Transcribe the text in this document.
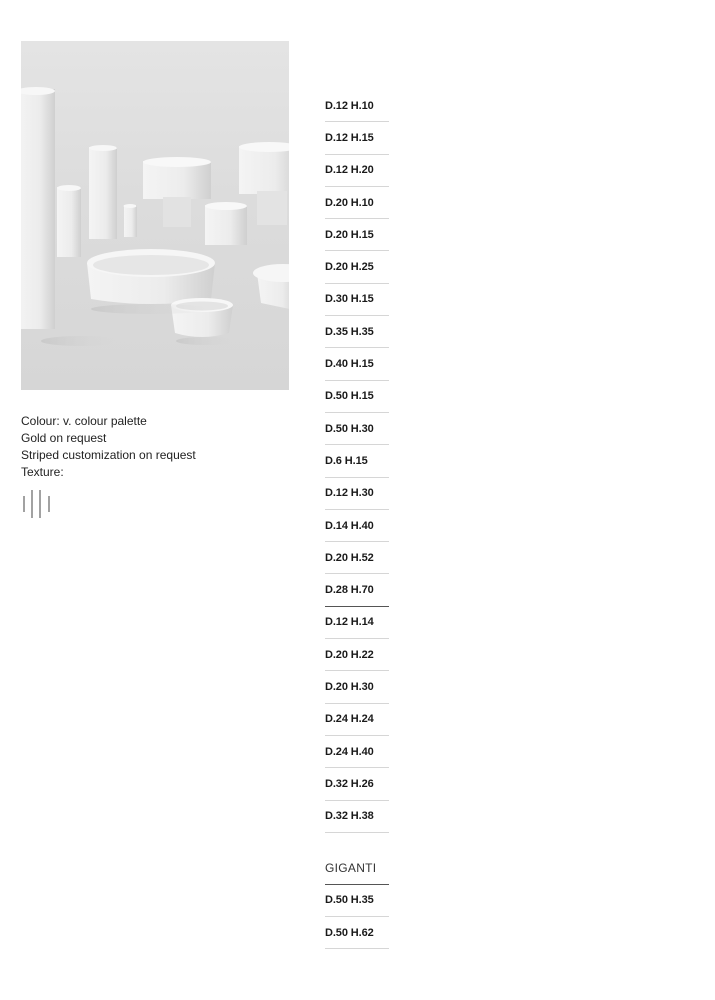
Colour: v. colour palette
Gold on request
Striped customization on request
Texture:
D.12 H.10
D.12 H.15
D.12 H.20
D.20 H.10
D.20 H.15
D.20 H.25
D.30 H.15
D.35 H.35
D.40 H.15
D.50 H.15
D.50 H.30
D.6 H.15
D.12 H.30
D.14 H.40
D.20 H.52
D.28 H.70
D.12 H.14
D.20 H.22
D.20 H.30
D.24 H.24
D.24 H.40
D.32 H.26
D.32 H.38
GIGANTI
D.50 H.35
D.50 H.62
